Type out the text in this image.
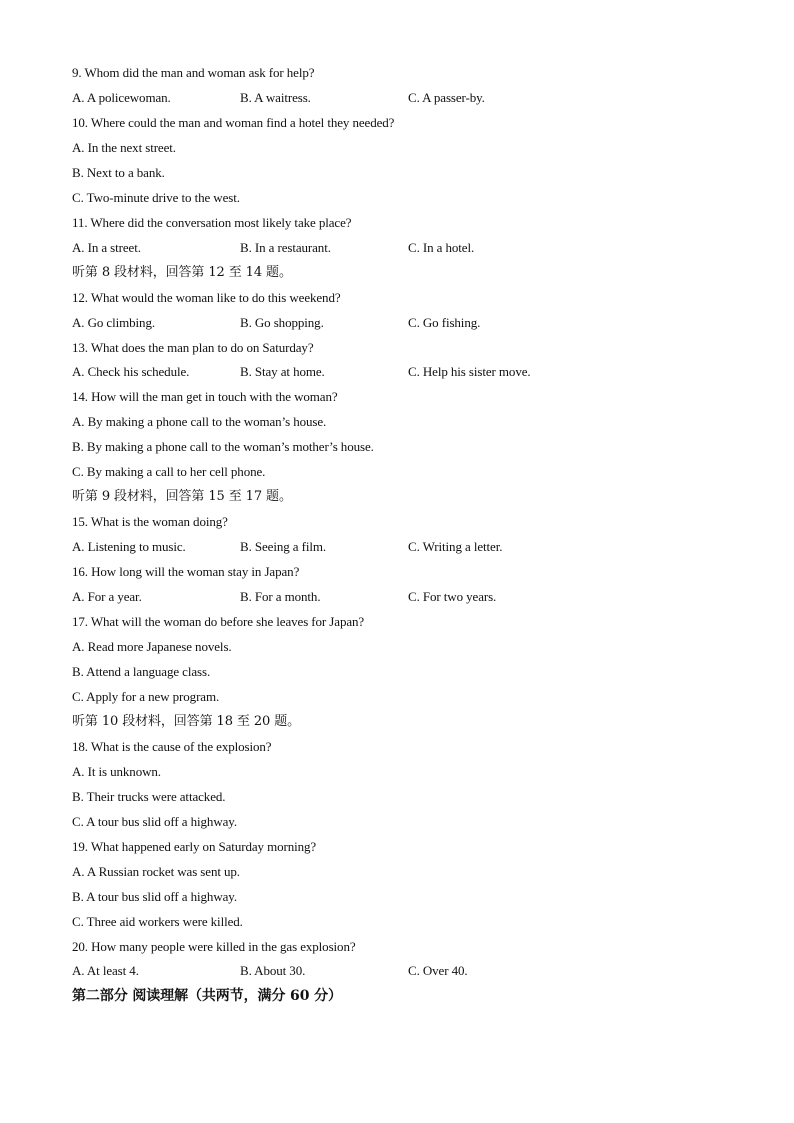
9. Whom did the man and woman ask for help?
A. A policewoman.	B. A waitress.	C. A passer-by.
10. Where could the man and woman find a hotel they needed?
A. In the next street.
B. Next to a bank.
C. Two-minute drive to the west.
11. Where did the conversation most likely take place?
A. In a street.	B. In a restaurant.	C. In a hotel.
听第 8 段材料，回答第 12 至 14 题。
12. What would the woman like to do this weekend?
A. Go climbing.	B. Go shopping.	C. Go fishing.
13. What does the man plan to do on Saturday?
A. Check his schedule.	B. Stay at home.	C. Help his sister move.
14. How will the man get in touch with the woman?
A. By making a phone call to the woman’s house.
B. By making a phone call to the woman’s mother’s house.
C. By making a call to her cell phone.
听第 9 段材料，回答第 15 至 17 题。
15. What is the woman doing?
A. Listening to music.	B. Seeing a film.	C. Writing a letter.
16. How long will the woman stay in Japan?
A. For a year.	B. For a month.	C. For two years.
17. What will the woman do before she leaves for Japan?
A. Read more Japanese novels.
B. Attend a language class.
C. Apply for a new program.
听第 10 段材料，回答第 18 至 20 题。
18. What is the cause of the explosion?
A. It is unknown.
B. Their trucks were attacked.
C. A tour bus slid off a highway.
19. What happened early on Saturday morning?
A. A Russian rocket was sent up.
B. A tour bus slid off a highway.
C. Three aid workers were killed.
20. How many people were killed in the gas explosion?
A. At least 4.	B. About 30.	C. Over 40.
第二部分 阅读理解（共两节，满分 60 分）
